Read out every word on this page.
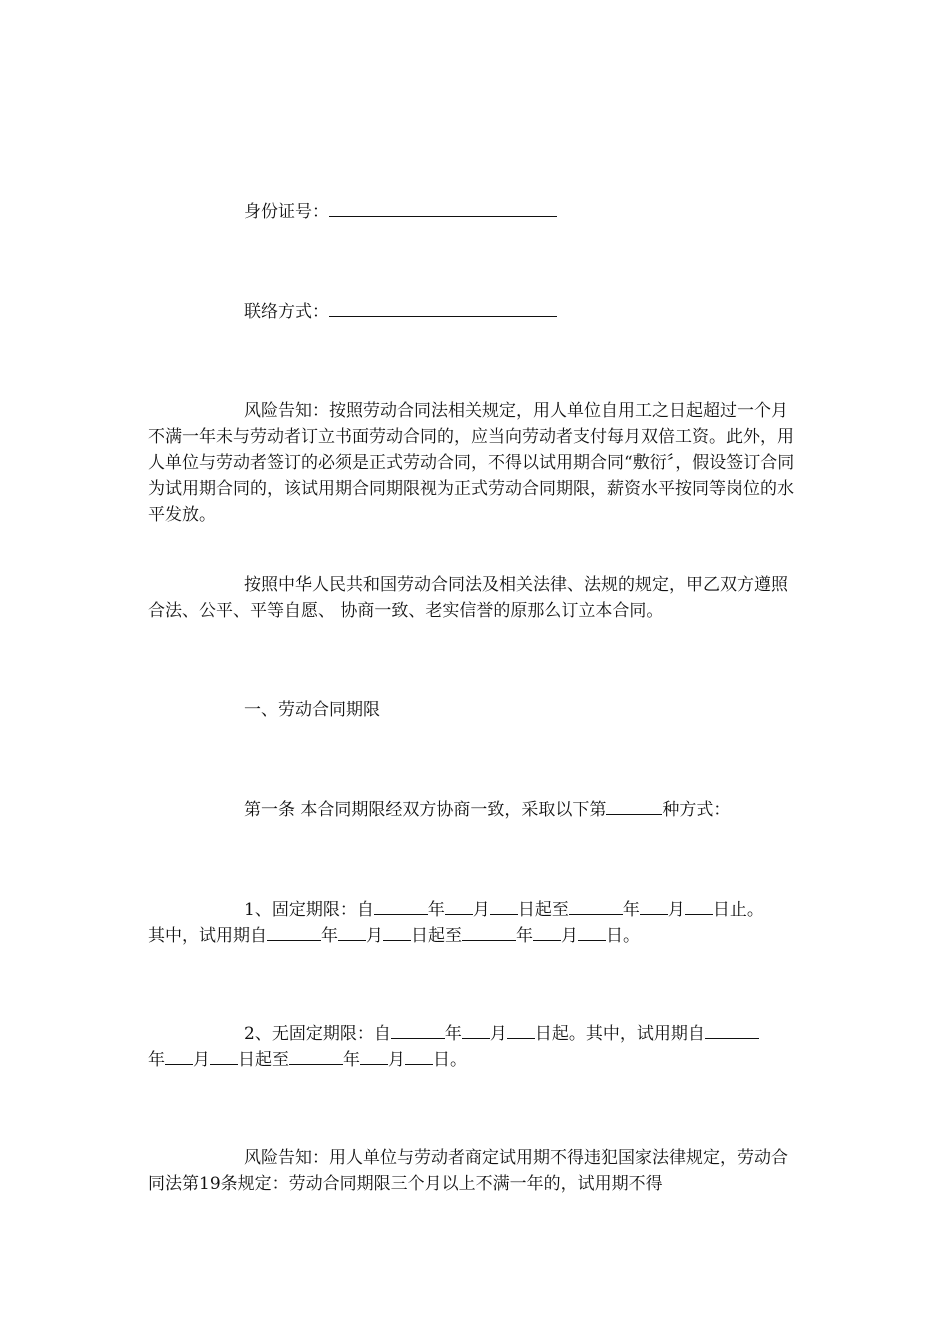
身份证号：
联络方式：
风险告知：按照劳动合同法相关规定，用人单位自用工之日起超过一个月不满一年未与劳动者订立书面劳动合同的，应当向劳动者支付每月双倍工资。此外，用人单位与劳动者签订的必须是正式劳动合同，不得以试用期合同“敷衍〞，假设签订合同为试用期合同的，该试用期合同期限视为正式劳动合同期限，薪资水平按同等岗位的水平发放。
按照中华人民共和国劳动合同法及相关法律、法规的规定，甲乙双方遵照合法、公平、平等自愿、 协商一致、老实信誉的原那么订立本合同。
一、劳动合同期限
第一条 本合同期限经双方协商一致，采取以下第	种方式：
1、固定期限：自	年 月 日起至	年 月 日止。
其中，试用期自	年 月 日起至	年 月 日。
2、无固定期限：自	年 月 日起。其中，试用期自
年 月 日起至	年 月 日。
风险告知：用人单位与劳动者商定试用期不得违犯国家法律规定，劳动合同法第19条规定：劳动合同期限三个月以上不满一年的，试用期不得
